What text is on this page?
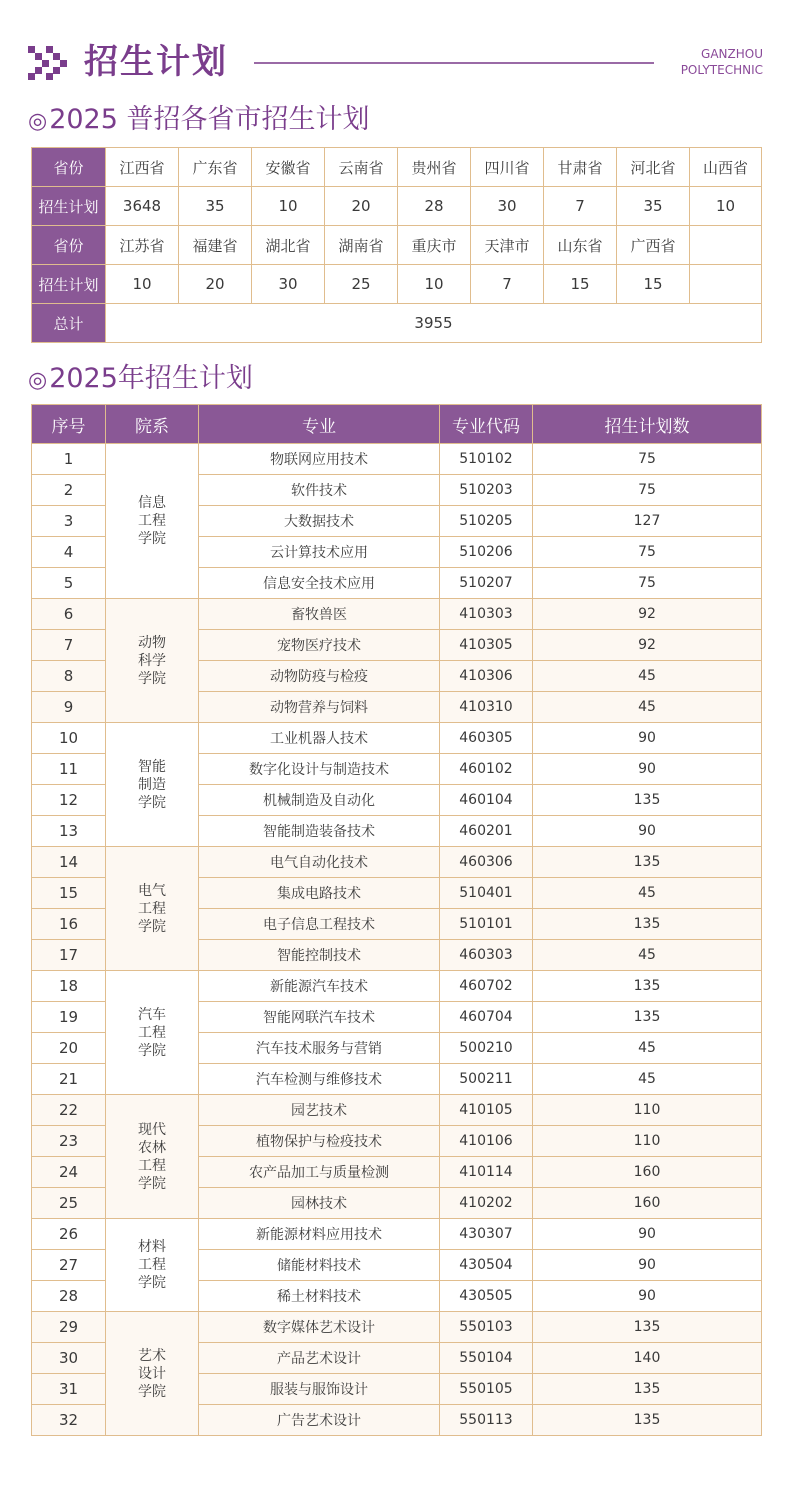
招生计划	GANZHOU
POLYTECHNIC
◎2025 普招各省市招生计划
省份	江西省	广东省	安徽省	云南省	贵州省	四川省	甘肃省	河北省	山西省
招生计划	3648	35	10	20	28	30	7	35	10
省份	江苏省	福建省	湖北省	湖南省	重庆市	天津市	山东省	广西省	
招生计划	10	20	30	25	10	7	15	15	
总计	3955								
◎2025年招生计划
序号	院系	专业	专业代码	招生计划数
1	信息
工程
学院	物联网应用技术	510102	75
2		软件技术	510203	75
3		大数据技术	510205	127
4		云计算技术应用	510206	75
5		信息安全技术应用	510207	75
6	动物
科学
学院	畜牧兽医	410303	92
7		宠物医疗技术	410305	92
8		动物防疫与检疫	410306	45
9		动物营养与饲料	410310	45
10	智能
制造
学院	工业机器人技术	460305	90
11		数字化设计与制造技术	460102	90
12		机械制造及自动化	460104	135
13		智能制造装备技术	460201	90
14	电气
工程
学院	电气自动化技术	460306	135
15		集成电路技术	510401	45
16		电子信息工程技术	510101	135
17		智能控制技术	460303	45
18	汽车
工程
学院	新能源汽车技术	460702	135
19		智能网联汽车技术	460704	135
20		汽车技术服务与营销	500210	45
21		汽车检测与维修技术	500211	45
22	现代
农林
工程
学院	园艺技术	410105	110
23		植物保护与检疫技术	410106	110
24		农产品加工与质量检测	410114	160
25		园林技术	410202	160
26	材料
工程
学院	新能源材料应用技术	430307	90
27		储能材料技术	430504	90
28		稀土材料技术	430505	90
29	艺术
设计
学院	数字媒体艺术设计	550103	135
30		产品艺术设计	550104	140
31		服装与服饰设计	550105	135
32		广告艺术设计	550113	135
